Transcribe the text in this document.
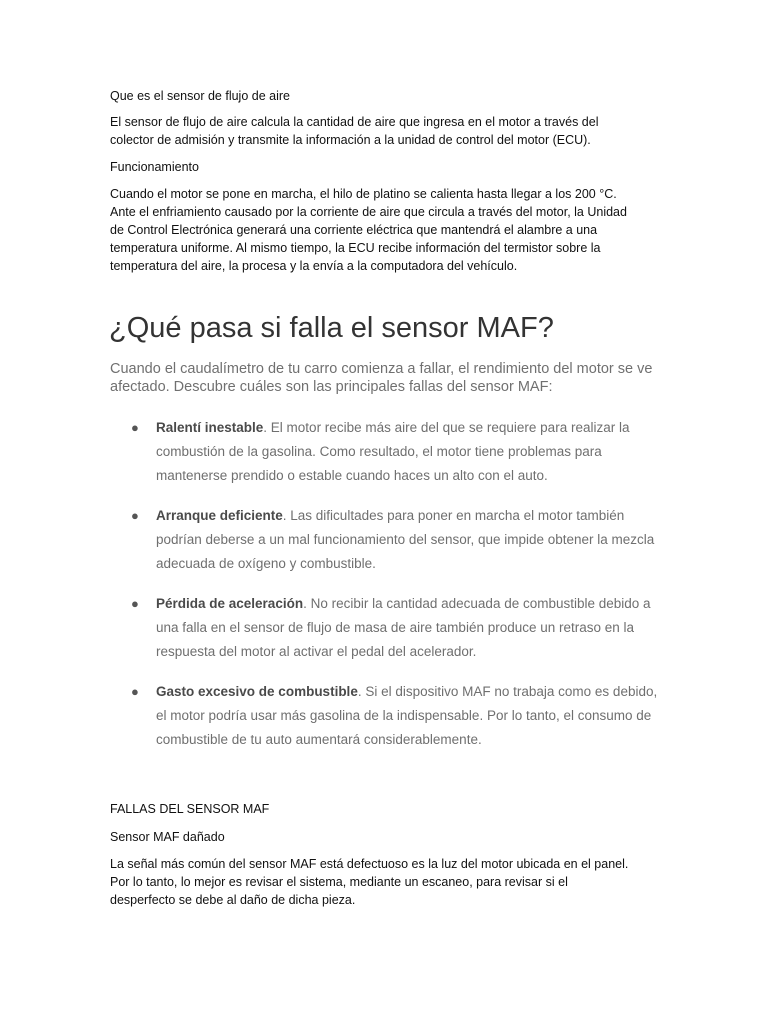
Que es el sensor de flujo de aire

El sensor de flujo de aire calcula la cantidad de aire que ingresa en el motor a través del colector de admisión y transmite la información a la unidad de control del motor (ECU).

Funcionamiento

Cuando el motor se pone en marcha, el hilo de platino se calienta hasta llegar a los 200 °C. Ante el enfriamiento causado por la corriente de aire que circula a través del motor, la Unidad de Control Electrónica generará una corriente eléctrica que mantendrá el alambre a una temperatura uniforme. Al mismo tiempo, la ECU recibe información del termistor sobre la temperatura del aire, la procesa y la envía a la computadora del vehículo.

¿Qué pasa si falla el sensor MAF?

Cuando el caudalímetro de tu carro comienza a fallar, el rendimiento del motor se ve afectado. Descubre cuáles son las principales fallas del sensor MAF:

● Ralentí inestable. El motor recibe más aire del que se requiere para realizar la combustión de la gasolina. Como resultado, el motor tiene problemas para mantenerse prendido o estable cuando haces un alto con el auto.
● Arranque deficiente. Las dificultades para poner en marcha el motor también podrían deberse a un mal funcionamiento del sensor, que impide obtener la mezcla adecuada de oxígeno y combustible.
● Pérdida de aceleración. No recibir la cantidad adecuada de combustible debido a una falla en el sensor de flujo de masa de aire también produce un retraso en la respuesta del motor al activar el pedal del acelerador.
● Gasto excesivo de combustible. Si el dispositivo MAF no trabaja como es debido, el motor podría usar más gasolina de la indispensable. Por lo tanto, el consumo de combustible de tu auto aumentará considerablemente.

FALLAS DEL SENSOR MAF

Sensor MAF dañado

La señal más común del sensor MAF está defectuoso es la luz del motor ubicada en el panel. Por lo tanto, lo mejor es revisar el sistema, mediante un escaneo, para revisar si el desperfecto se debe al daño de dicha pieza.
